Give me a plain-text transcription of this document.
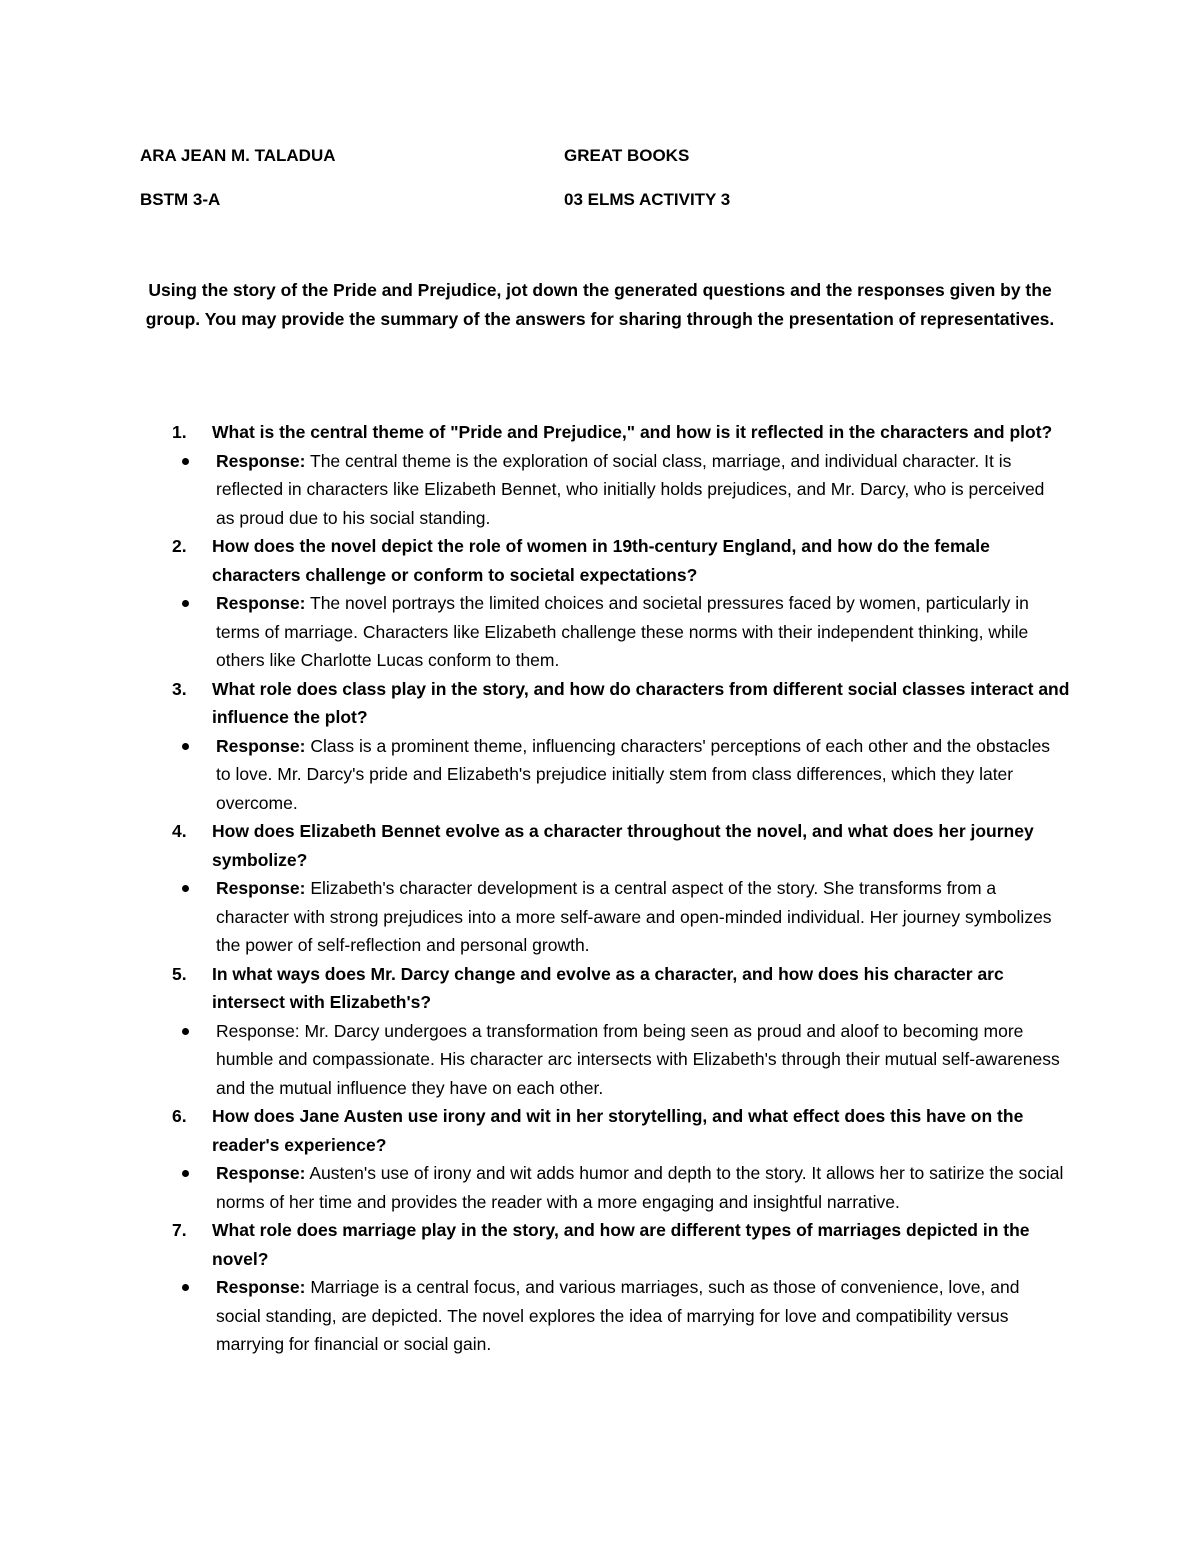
ARA JEAN M. TALADUA	GREAT BOOKS
BSTM 3-A	03 ELMS ACTIVITY 3
Using the story of the Pride and Prejudice, jot down the generated questions and the responses given by the group. You may provide the summary of the answers for sharing through the presentation of representatives.
1. What is the central theme of "Pride and Prejudice," and how is it reflected in the characters and plot?
Response: The central theme is the exploration of social class, marriage, and individual character. It is reflected in characters like Elizabeth Bennet, who initially holds prejudices, and Mr. Darcy, who is perceived as proud due to his social standing.
2. How does the novel depict the role of women in 19th-century England, and how do the female characters challenge or conform to societal expectations?
Response: The novel portrays the limited choices and societal pressures faced by women, particularly in terms of marriage. Characters like Elizabeth challenge these norms with their independent thinking, while others like Charlotte Lucas conform to them.
3. What role does class play in the story, and how do characters from different social classes interact and influence the plot?
Response: Class is a prominent theme, influencing characters' perceptions of each other and the obstacles to love. Mr. Darcy's pride and Elizabeth's prejudice initially stem from class differences, which they later overcome.
4. How does Elizabeth Bennet evolve as a character throughout the novel, and what does her journey symbolize?
Response: Elizabeth's character development is a central aspect of the story. She transforms from a character with strong prejudices into a more self-aware and open-minded individual. Her journey symbolizes the power of self-reflection and personal growth.
5. In what ways does Mr. Darcy change and evolve as a character, and how does his character arc intersect with Elizabeth's?
Response: Mr. Darcy undergoes a transformation from being seen as proud and aloof to becoming more humble and compassionate. His character arc intersects with Elizabeth's through their mutual self-awareness and the mutual influence they have on each other.
6. How does Jane Austen use irony and wit in her storytelling, and what effect does this have on the reader's experience?
Response: Austen's use of irony and wit adds humor and depth to the story. It allows her to satirize the social norms of her time and provides the reader with a more engaging and insightful narrative.
7. What role does marriage play in the story, and how are different types of marriages depicted in the novel?
Response: Marriage is a central focus, and various marriages, such as those of convenience, love, and social standing, are depicted. The novel explores the idea of marrying for love and compatibility versus marrying for financial or social gain.
